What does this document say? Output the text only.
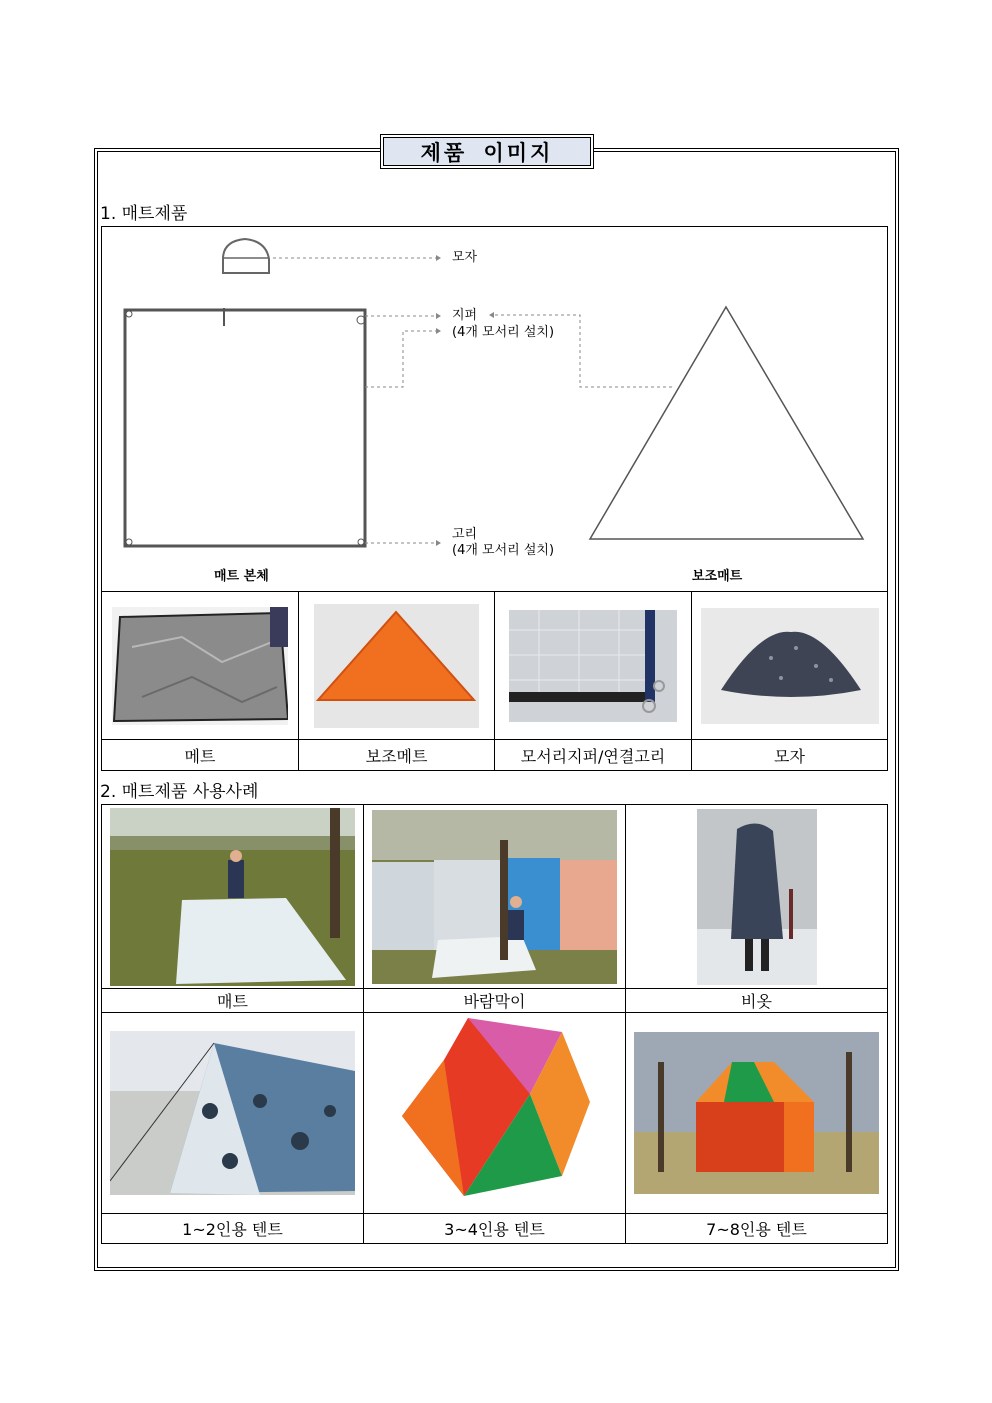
제품 이미지
1. 매트제품
모자
지퍼
(4개 모서리 설치)
고리
(4개 모서리 설치)
매트 본체	보조매트

메트	보조메트	모서리지퍼/연결고리	모자
2. 매트제품 사용사례

매트	바람막이	비옷

1~2인용 텐트	3~4인용 텐트	7~8인용 텐트
